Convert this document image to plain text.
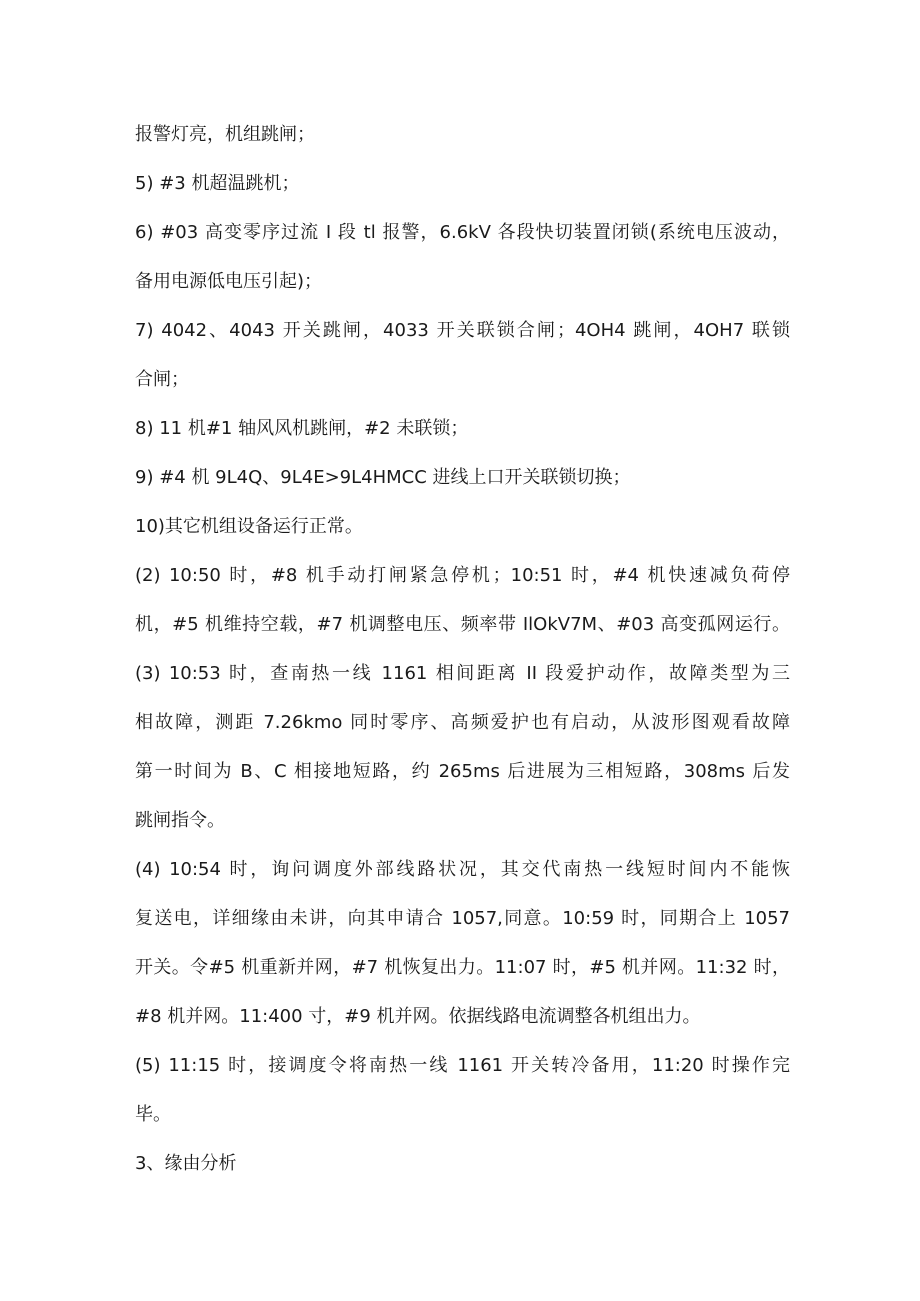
报警灯亮，机组跳闸；
5) #3 机超温跳机；
6) #03 高变零序过流 I 段 tl 报警，6.6kV 各段快切装置闭锁(系统电压波动，
备用电源低电压引起)；
7) 4042、4043 开关跳闸，4033 开关联锁合闸；4OH4 跳闸，4OH7 联锁
合闸；
8) 11 机#1 轴风风机跳闸，#2 未联锁；
9) #4 机 9L4Q、9L4E>9L4HMCC 进线上口开关联锁切换；
10)其它机组设备运行正常。
(2) 10:50 时，#8 机手动打闸紧急停机；10:51 时，#4 机快速减负荷停
机，#5 机维持空载，#7 机调整电压、频率带 IlOkV7M、#03 高变孤网运行。
(3) 10:53 时，查南热一线 1161 相间距离 II 段爱护动作，故障类型为三
相故障，测距 7.26kmo 同时零序、高频爱护也有启动，从波形图观看故障
第一时间为 B、C 相接地短路，约 265ms 后进展为三相短路，308ms 后发
跳闸指令。
(4) 10:54 时，询问调度外部线路状况，其交代南热一线短时间内不能恢
复送电，详细缘由未讲，向其申请合 1057,同意。10:59 时，同期合上 1057
开关。令#5 机重新并网，#7 机恢复出力。11:07 时，#5 机并网。11:32 时，
#8 机并网。11:400 寸，#9 机并网。依据线路电流调整各机组出力。
(5) 11:15 时，接调度令将南热一线 1161 开关转冷备用，11:20 时操作完
毕。
3、缘由分析
